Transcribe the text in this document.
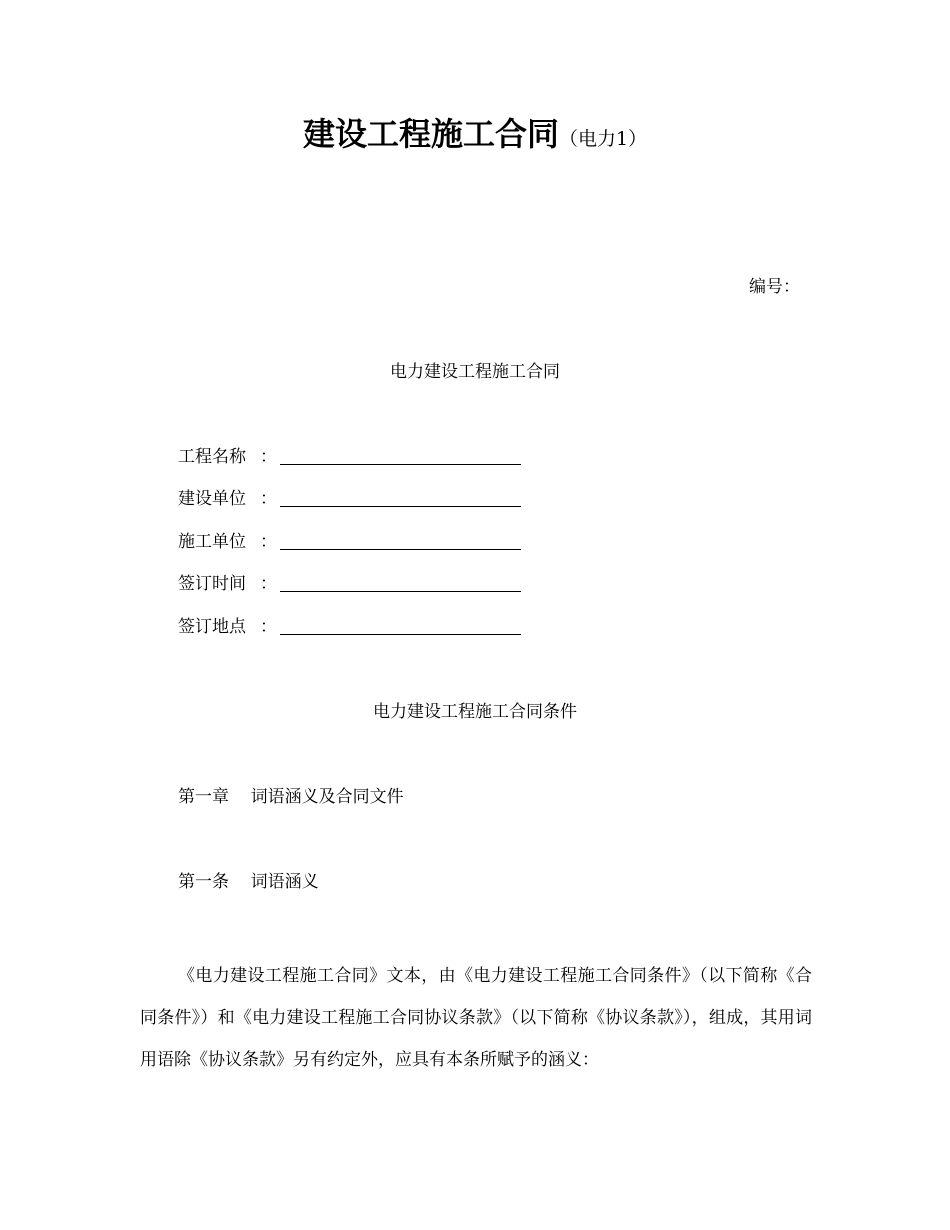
建设工程施工合同（电力1）
编号：
电力建设工程施工合同
工程名称 ：
建设单位 ：
施工单位 ：
签订时间 ：
签订地点 ：
电力建设工程施工合同条件
第一章    词语涵义及合同文件
第一条    词语涵义

《电力建设工程施工合同》文本，由《电力建设工程施工合同条件》（以下简称《合同条件》）和《电力建设工程施工合同协议条款》（以下简称《协议条款》），组成，其用词用语除《协议条款》另有约定外，应具有本条所赋予的涵义：
